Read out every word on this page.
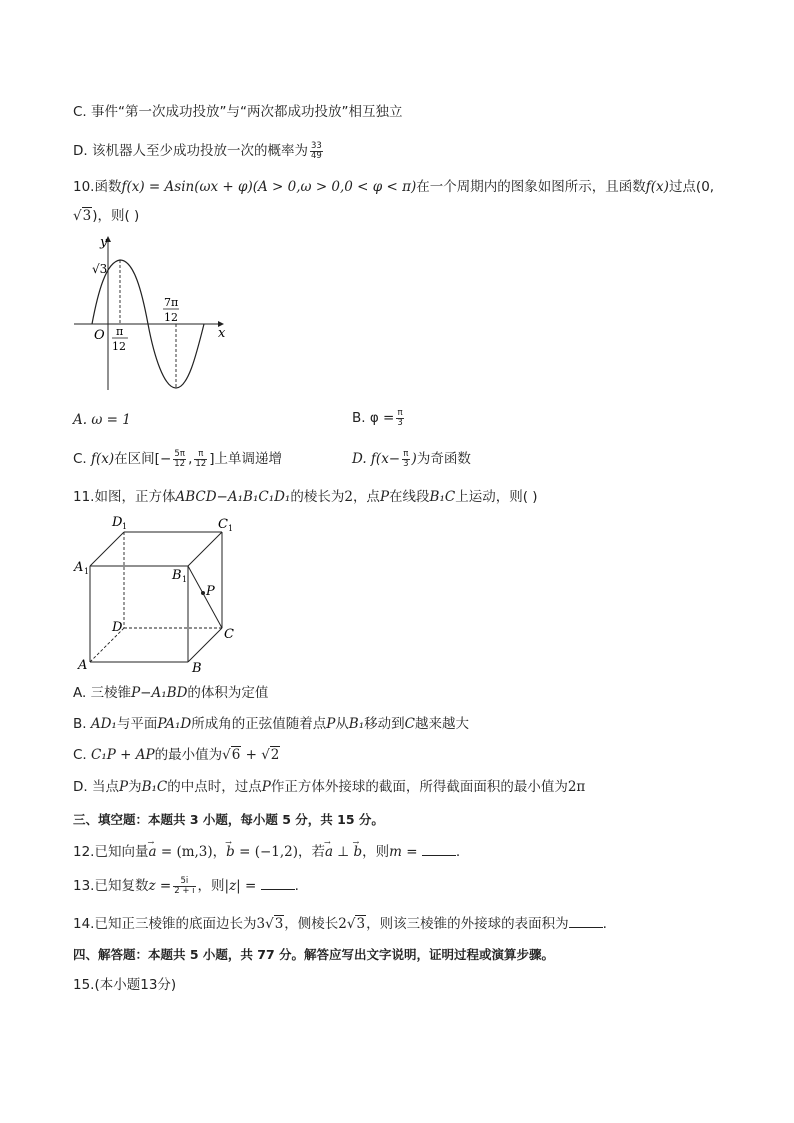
C. 事件“第一次成功投放”与“两次都成功投放”相互独立
D. 该机器人至少成功投放一次的概率为 $\frac{33}{49}$
10.函数f(x) = Asin(ωx + φ)(A > 0,ω > 0,0 < φ < π)在一个周期内的图象如图所示，且函数f(x)过点(0,
√3)，则( )
y
x
O
√3
π
12
7π
12
A. ω = 1	B. $\varphi = \frac{\pi}{3}$
C. f(x)在区间[− $\frac{5\pi}{12}$ , $\frac{\pi}{12}$ ]上单调递增	D. $f(x- \frac{\pi}{3}$ )为奇函数
11.如图，正方体ABCD−A₁B₁C₁D₁的棱长为2，点P在线段B₁C上运动，则( )
D 1	C 1
A 1	B 1
P
D	C
A	B
A. 三棱锥P−A₁BD的体积为定值
B. AD₁与平面PA₁D所成角的正弦值随着点P从B₁移动到C越来越大
C. C₁P + AP的最小值为√6 + √2
D. 当点P为B₁C的中点时，过点P作正方体外接球的截面，所得截面面积的最小值为2π
三、填空题：本题共 3 小题，每小题 5 分，共 15 分。
12.已知向量→ a = (m,3)，→ b = (−1,2)，若→ a ⊥ → b，则m =	.
13.已知复数$z = \frac{5i}{2 + i}$ ，则|z| =	.
14.已知正三棱锥的底面边长为3√3，侧棱长2√3，则该三棱锥的外接球的表面积为	.
四、解答题：本题共 5 小题，共 77 分。解答应写出文字说明，证明过程或演算步骤。
15.(本小题13分)
